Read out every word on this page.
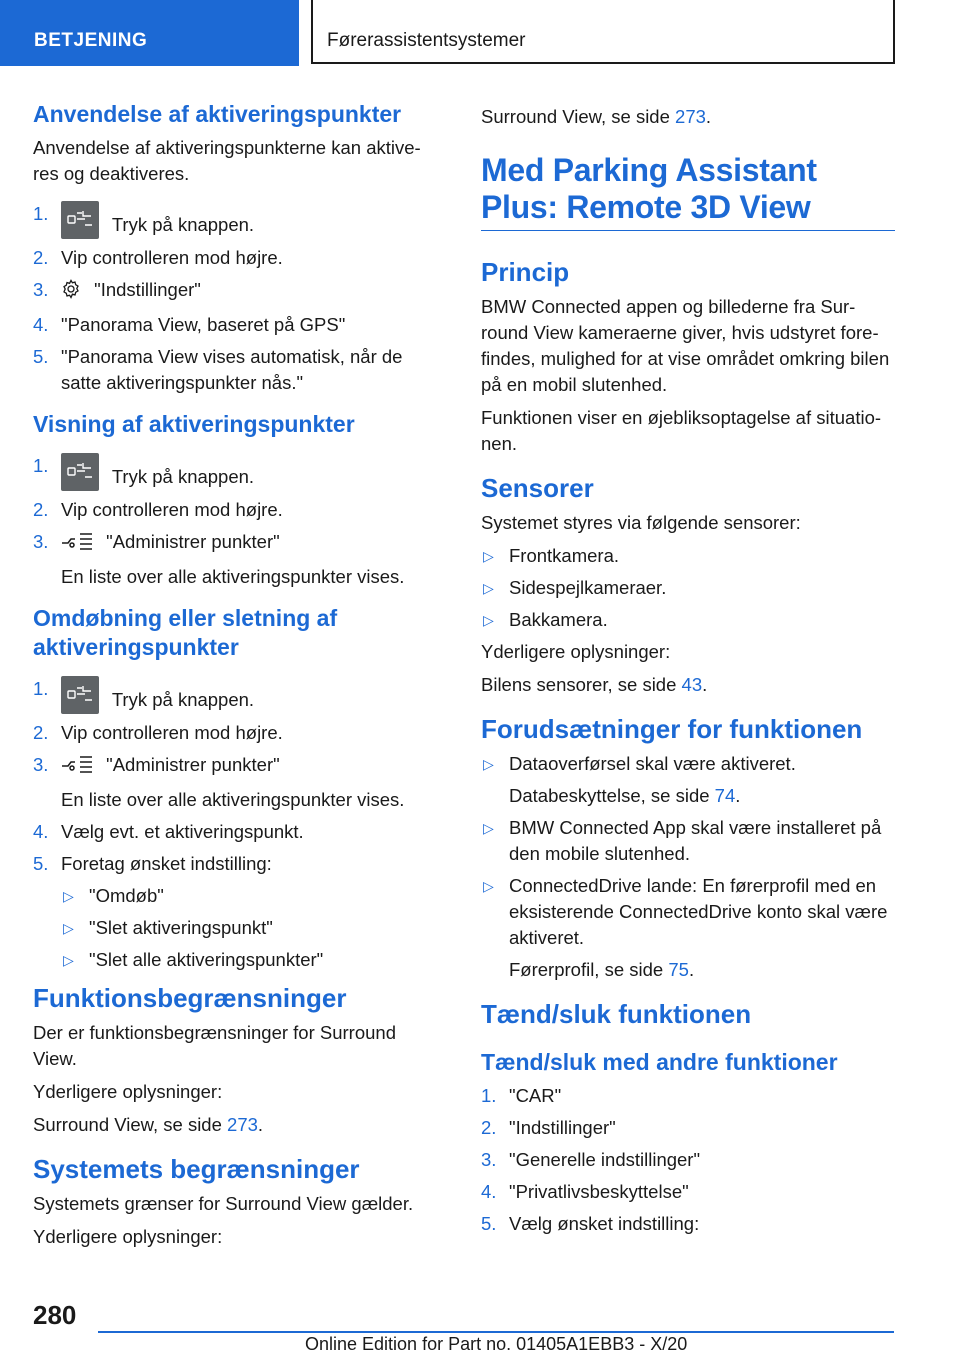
BETJENING	Førerassistentsystemer
Anvendelse af aktiveringspunkter

Anvendelse af aktiveringspunkterne kan aktiveres og deaktiveres.

1.
Tryk på knappen.
2. Vip controlleren mod højre.
3. "Indstillinger"
4. "Panorama View, baseret på GPS"
5. "Panorama View vises automatisk, når de satte aktiveringspunkter nås."
Visning af aktiveringspunkter
1.
Tryk på knappen.
2. Vip controlleren mod højre.
3.	"Administrer punkter"
En liste over alle aktiveringspunkter vises.
Omdøbning eller sletning af aktiveringspunkter
1.
Tryk på knappen.
2. Vip controlleren mod højre.
3.	"Administrer punkter"
En liste over alle aktiveringspunkter vises.
4. Vælg evt. et aktiveringspunkt.
5. Foretag ønsket indstilling:
▷ "Omdøb"
▷ "Slet aktiveringspunkt"
▷ "Slet alle aktiveringspunkter"
Funktionsbegrænsninger

Der er funktionsbegrænsninger for Surround View.

Yderligere oplysninger:

Surround View, se side 273.

Systemets begrænsninger

Systemets grænser for Surround View gælder.

Yderligere oplysninger:

Surround View, se side 273.

Med Parking Assistant Plus: Remote 3D View
Princip

BMW Connected appen og billederne fra Surround View kameraerne giver, hvis udstyret forefindes, mulighed for at vise området omkring bilen på en mobil slutenhed.

Funktionen viser en øjebliksoptagelse af situationen.

Sensorer

Systemet styres via følgende sensorer:

▷ Frontkamera.
▷ Sidespejlkameraer.
▷ Bakkamera.

Yderligere oplysninger:

Bilens sensorer, se side 43.

Forudsætninger for funktionen
▷ Dataoverførsel skal være aktiveret.
Databeskyttelse, se side 74.
▷ BMW Connected App skal være installeret på den mobile slutenhed.
▷ ConnectedDrive lande: En førerprofil med en eksisterende ConnectedDrive konto skal være aktiveret.
Førerprofil, se side 75.
Tænd/sluk funktionen
Tænd/sluk med andre funktioner
1. "CAR"
2. "Indstillinger"
3. "Generelle indstillinger"
4. "Privatlivsbeskyttelse"
5. Vælg ønsket indstilling:
280
Online Edition for Part no. 01405A1EBB3 - X/20
